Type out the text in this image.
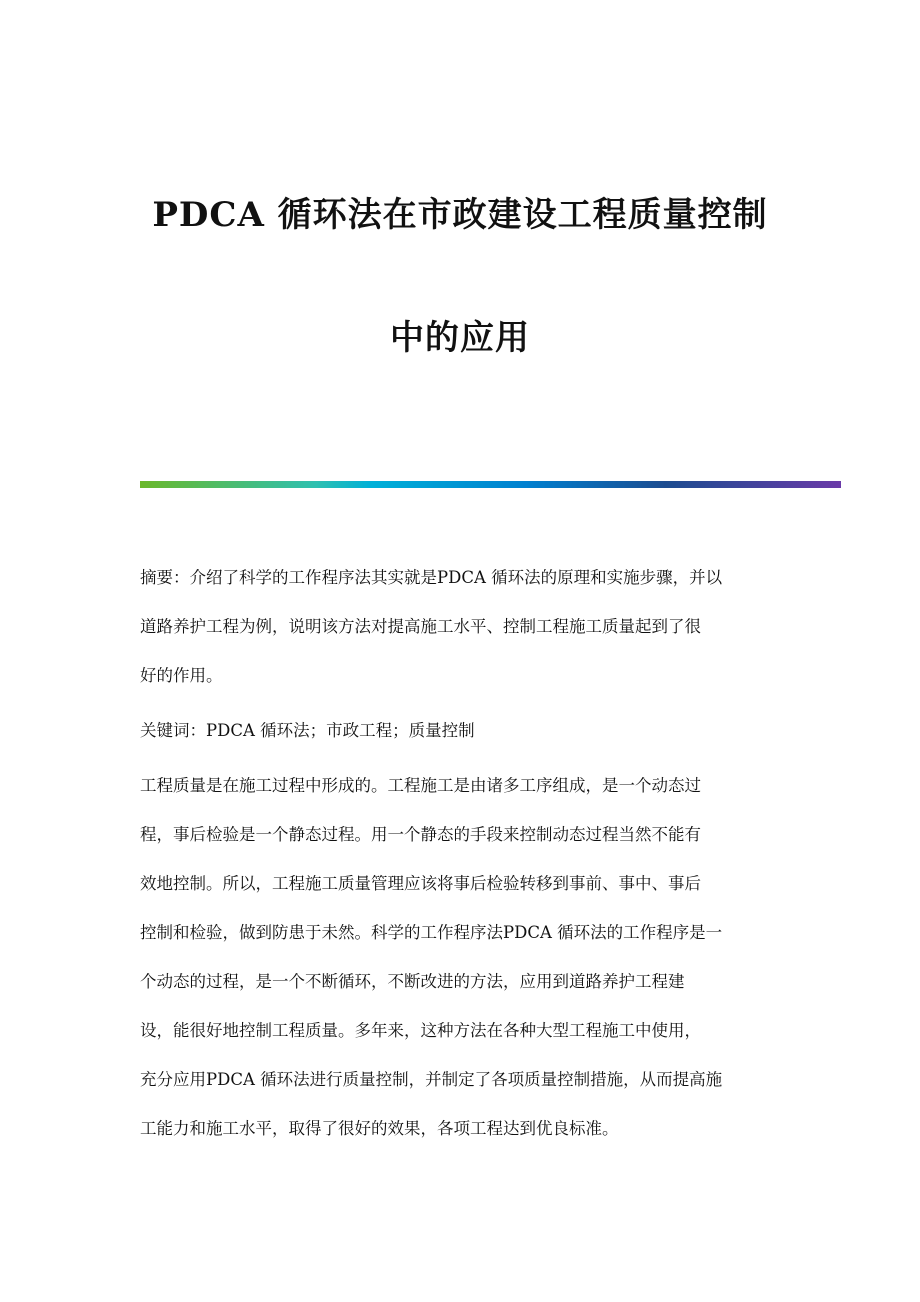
PDCA 循环法在市政建设工程质量控制
中的应用
摘要：介绍了科学的工作程序法其实就是PDCA 循环法的原理和实施步骤，并以
道路养护工程为例，说明该方法对提高施工水平、控制工程施工质量起到了很
好的作用。
关键词：PDCA 循环法；市政工程；质量控制
工程质量是在施工过程中形成的。工程施工是由诸多工序组成，是一个动态过
程，事后检验是一个静态过程。用一个静态的手段来控制动态过程当然不能有
效地控制。所以，工程施工质量管理应该将事后检验转移到事前、事中、事后
控制和检验，做到防患于未然。科学的工作程序法PDCA 循环法的工作程序是一
个动态的过程，是一个不断循环，不断改进的方法，应用到道路养护工程建
设，能很好地控制工程质量。多年来，这种方法在各种大型工程施工中使用，
充分应用PDCA 循环法进行质量控制，并制定了各项质量控制措施，从而提高施
工能力和施工水平，取得了很好的效果，各项工程达到优良标准。
